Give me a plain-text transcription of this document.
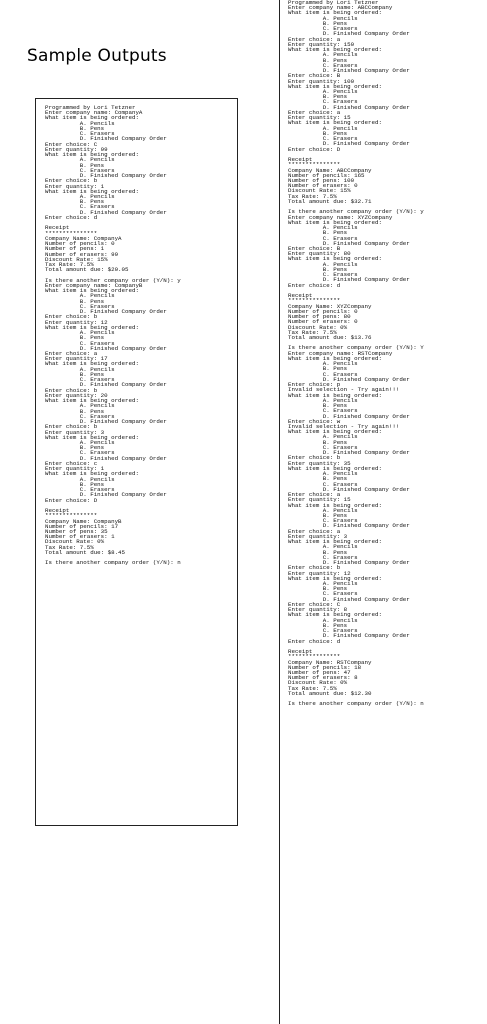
Sample Outputs
Programmed by Lori Tetzner
Enter company name: CompanyA
What item is being ordered:
A. Pencils
B. Pens
C. Erasers
D. Finished Company Order
Enter choice: C
Enter quantity: 99
What item is being ordered:
A. Pencils
B. Pens
C. Erasers
D. Finished Company Order
Enter choice: b
Enter quantity: 1
What item is being ordered:
A. Pencils
B. Pens
C. Erasers
D. Finished Company Order
Enter choice: d

Receipt
***************
Company Name: CompanyA
Number of pencils: 0
Number of pens: 1
Number of erasers: 99
Discount Rate: 15%
Tax Rate: 7.5%
Total amount due: $20.05

Is there another company order (Y/N): y
Enter company name: CompanyB
What item is being ordered:
A. Pencils
B. Pens
C. Erasers
D. Finished Company Order
Enter choice: b
Enter quantity: 12
What item is being ordered:
A. Pencils
B. Pens
C. Erasers
D. Finished Company Order
Enter choice: a
Enter quantity: 17
What item is being ordered:
A. Pencils
B. Pens
C. Erasers
D. Finished Company Order
Enter choice: b
Enter quantity: 20
What item is being ordered:
A. Pencils
B. Pens
C. Erasers
D. Finished Company Order
Enter choice: b
Enter quantity: 3
What item is being ordered:
A. Pencils
B. Pens
C. Erasers
D. Finished Company Order
Enter choice: c
Enter quantity: 1
What item is being ordered:
A. Pencils
B. Pens
C. Erasers
D. Finished Company Order
Enter choice: D

Receipt
***************
Company Name: CompanyB
Number of pencils: 17
Number of pens: 35
Number of erasers: 1
Discount Rate: 0%
Tax Rate: 7.5%
Total amount due: $8.45

Is there another company order (Y/N): n
Programmed by Lori Tetzner
Enter company name: ABCCompany
What item is being ordered:
A. Pencils
B. Pens
C. Erasers
D. Finished Company Order
Enter choice: a
Enter quantity: 150
What item is being ordered:
A. Pencils
B. Pens
C. Erasers
D. Finished Company Order
Enter choice: B
Enter quantity: 100
What item is being ordered:
A. Pencils
B. Pens
C. Erasers
D. Finished Company Order
Enter choice: a
Enter quantity: 15
What item is being ordered:
A. Pencils
B. Pens
C. Erasers
D. Finished Company Order
Enter choice: D

Receipt
***************
Company Name: ABCCompany
Number of pencils: 165
Number of pens: 100
Number of erasers: 0
Discount Rate: 15%
Tax Rate: 7.5%
Total amount due: $32.71

Is there another company order (Y/N): y
Enter company name: XYZCompany
What item is being ordered:
A. Pencils
B. Pens
C. Erasers
D. Finished Company Order
Enter choice: B
Enter quantity: 80
What item is being ordered:
A. Pencils
B. Pens
C. Erasers
D. Finished Company Order
Enter choice: d

Receipt
***************
Company Name: XYZCompany
Number of pencils: 0
Number of pens: 80
Number of erasers: 0
Discount Rate: 0%
Tax Rate: 7.5%
Total amount due: $13.76

Is there another company order (Y/N): Y
Enter company name: RSTCompany
What item is being ordered:
A. Pencils
B. Pens
C. Erasers
D. Finished Company Order
Enter choice: p
Invalid selection - Try again!!!
What item is being ordered:
A. Pencils
B. Pens
C. Erasers
D. Finished Company Order
Enter choice: w
Invalid selection - Try again!!!
What item is being ordered:
A. Pencils
B. Pens
C. Erasers
D. Finished Company Order
Enter choice: b
Enter quantity: 35
What item is being ordered:
A. Pencils
B. Pens
C. Erasers
D. Finished Company Order
Enter choice: a
Enter quantity: 15
What item is being ordered:
A. Pencils
B. Pens
C. Erasers
D. Finished Company Order
Enter choice: a
Enter quantity: 3
What item is being ordered:
A. Pencils
B. Pens
C. Erasers
D. Finished Company Order
Enter choice: b
Enter quantity: 12
What item is being ordered:
A. Pencils
B. Pens
C. Erasers
D. Finished Company Order
Enter choice: C
Enter quantity: 8
What item is being ordered:
A. Pencils
B. Pens
C. Erasers
D. Finished Company Order
Enter choice: d

Receipt
***************
Company Name: RSTCompany
Number of pencils: 18
Number of pens: 47
Number of erasers: 8
Discount Rate: 0%
Tax Rate: 7.5%
Total amount due: $12.30

Is there another company order (Y/N): n
